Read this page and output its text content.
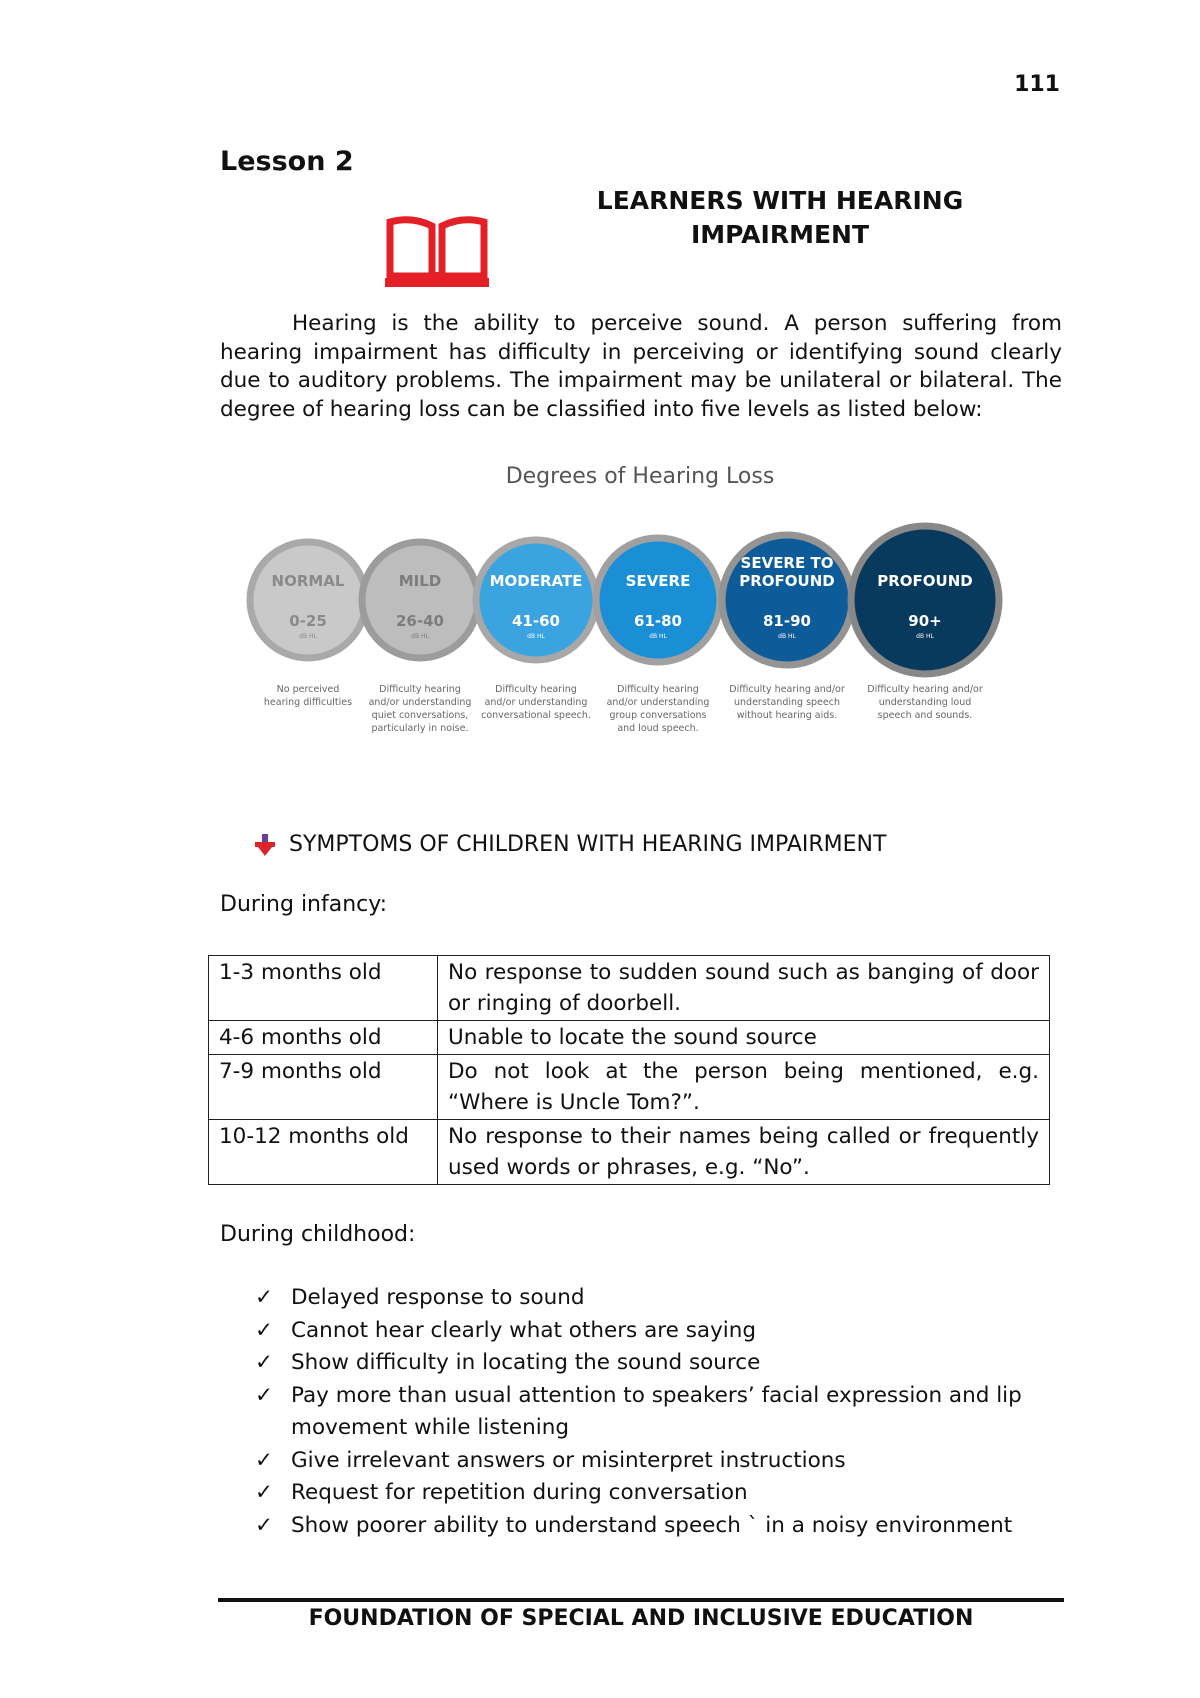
111
Lesson 2
LEARNERS WITH HEARING
IMPAIRMENT

Hearing is the ability to perceive sound. A person suffering from hearing impairment has difficulty in perceiving or identifying sound clearly due to auditory problems. The impairment may be unilateral or bilateral. The degree of hearing loss can be classified into five levels as listed below:

Degrees of Hearing Loss
NORMAL
0-25
dB HL
No perceived
hearing difficulties
MILD
26-40
dB HL
Difficulty hearing
and/or understanding
quiet conversations,
particularly in noise.
MODERATE
41-60
dB HL
Difficulty hearing
and/or understanding
conversational speech.
SEVERE
61-80
dB HL
Difficulty hearing
and/or understanding
group conversations
and loud speech.
SEVERE TO
PROFOUND
81-90
dB HL
Difficulty hearing and/or
understanding speech
without hearing aids.
PROFOUND
90+
dB HL
Difficulty hearing and/or
understanding loud
speech and sounds.
SYMPTOMS OF CHILDREN WITH HEARING IMPAIRMENT
During infancy:
1-3 months old	No response to sudden sound such as banging of door or ringing of doorbell.
4-6 months old	Unable to locate the sound source
7-9 months old	Do not look at the person being mentioned, e.g. “Where is Uncle Tom?”.
10-12 months old	No response to their names being called or frequently used words or phrases, e.g. “No”.
During childhood:
✓ Delayed response to sound
✓ Cannot hear clearly what others are saying
✓ Show difficulty in locating the sound source
✓ Pay more than usual attention to speakers’ facial expression and lip movement while listening
✓ Give irrelevant answers or misinterpret instructions
✓ Request for repetition during conversation
✓ Show poorer ability to understand speech ` in a noisy environment
FOUNDATION OF SPECIAL AND INCLUSIVE EDUCATION
